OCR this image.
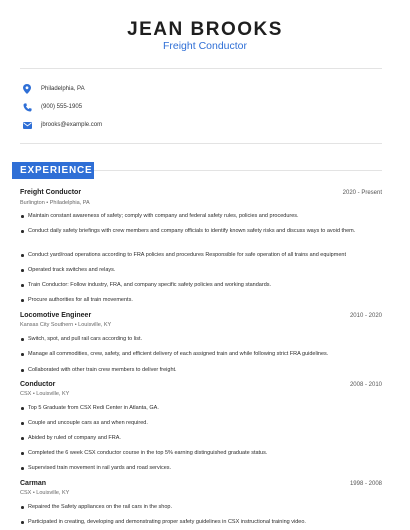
JEAN BROOKS
Freight Conductor
Philadelphia, PA
(900) 555-1905
jbrooks@example.com
EXPERIENCE
Freight Conductor	2020 - Present
Burlington • Philadelphia, PA
Maintain constant awareness of safety; comply with company and federal safety rules, policies and procedures.
Conduct daily safety briefings with crew members and company officials to identify known safety risks and discuss ways to avoid them.
Conduct yard/road operations according to FRA policies and procedures Responsible for safe operation of all trains and equipment
Operated track switches and relays.
Train Conductor: Follow industry, FRA, and company specific safety policies and working standards.
Procure authorities for all train movements.
Locomotive Engineer	2010 - 2020
Kansas City Southern • Louisville, KY
Switch, spot, and pull rail cars according to list.
Manage all commodities, crew, safety, and efficient delivery of each assigned train and while following strict FRA guidelines.
Collaborated with other train crew members to deliver freight.
Conductor	2008 - 2010
CSX • Louisville, KY
Top 5 Graduate from CSX Redi Center in Atlanta, GA.
Couple and uncouple cars as and when required.
Abided by ruled of company and FRA.
Completed the 6 week CSX conductor course in the top 5% earning distinguished graduate status.
Supervised train movement in rail yards and road services.
Carman	1998 - 2008
CSX • Louisville, KY
Repaired the Safety appliances on the rail cars in the shop.
Participated in creating, developing and demonstrating proper safety guidelines in CSX instructional training video.
